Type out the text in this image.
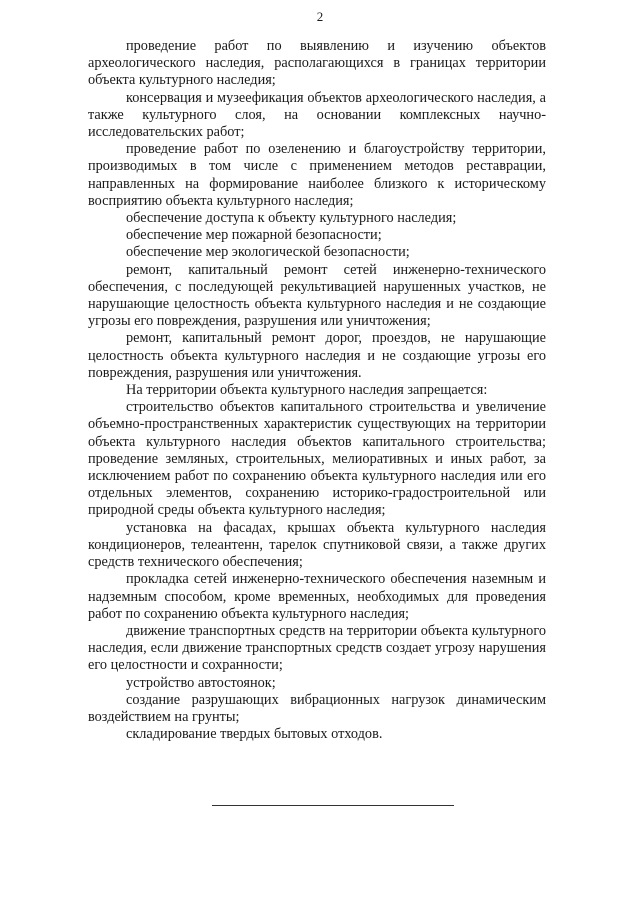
2

проведение работ по выявлению и изучению объектов археологического наследия, располагающихся в границах территории объекта культурного наследия;

консервация и музеефикация объектов археологического наследия, а также культурного слоя, на основании комплексных научно-исследовательских работ;

проведение работ по озеленению и благоустройству территории, производимых в том числе с применением методов реставрации, направленных на формирование наиболее близкого к историческому восприятию объекта культурного наследия;

обеспечение доступа к объекту культурного наследия;

обеспечение мер пожарной безопасности;

обеспечение мер экологической безопасности;

ремонт, капитальный ремонт сетей инженерно-технического обеспечения, с последующей рекультивацией нарушенных участков, не нарушающие целостность объекта культурного наследия и не создающие угрозы его повреждения, разрушения или уничтожения;

ремонт, капитальный ремонт дорог, проездов, не нарушающие целостность объекта культурного наследия и не создающие угрозы его повреждения, разрушения или уничтожения.

На территории объекта культурного наследия запрещается:

строительство объектов капитального строительства и увеличение объемно-пространственных характеристик существующих на территории объекта культурного наследия объектов капитального строительства; проведение земляных, строительных, мелиоративных и иных работ, за исключением работ по сохранению объекта культурного наследия или его отдельных элементов, сохранению историко-градостроительной или природной среды объекта культурного наследия;

установка на фасадах, крышах объекта культурного наследия кондиционеров, телеантенн, тарелок спутниковой связи, а также других средств технического обеспечения;

прокладка сетей инженерно-технического обеспечения наземным и надземным способом, кроме временных, необходимых для проведения работ по сохранению объекта культурного наследия;

движение транспортных средств на территории объекта культурного наследия, если движение транспортных средств создает угрозу нарушения его целостности и сохранности;

устройство автостоянок;

создание разрушающих вибрационных нагрузок динамическим воздействием на грунты;

складирование твердых бытовых отходов.
